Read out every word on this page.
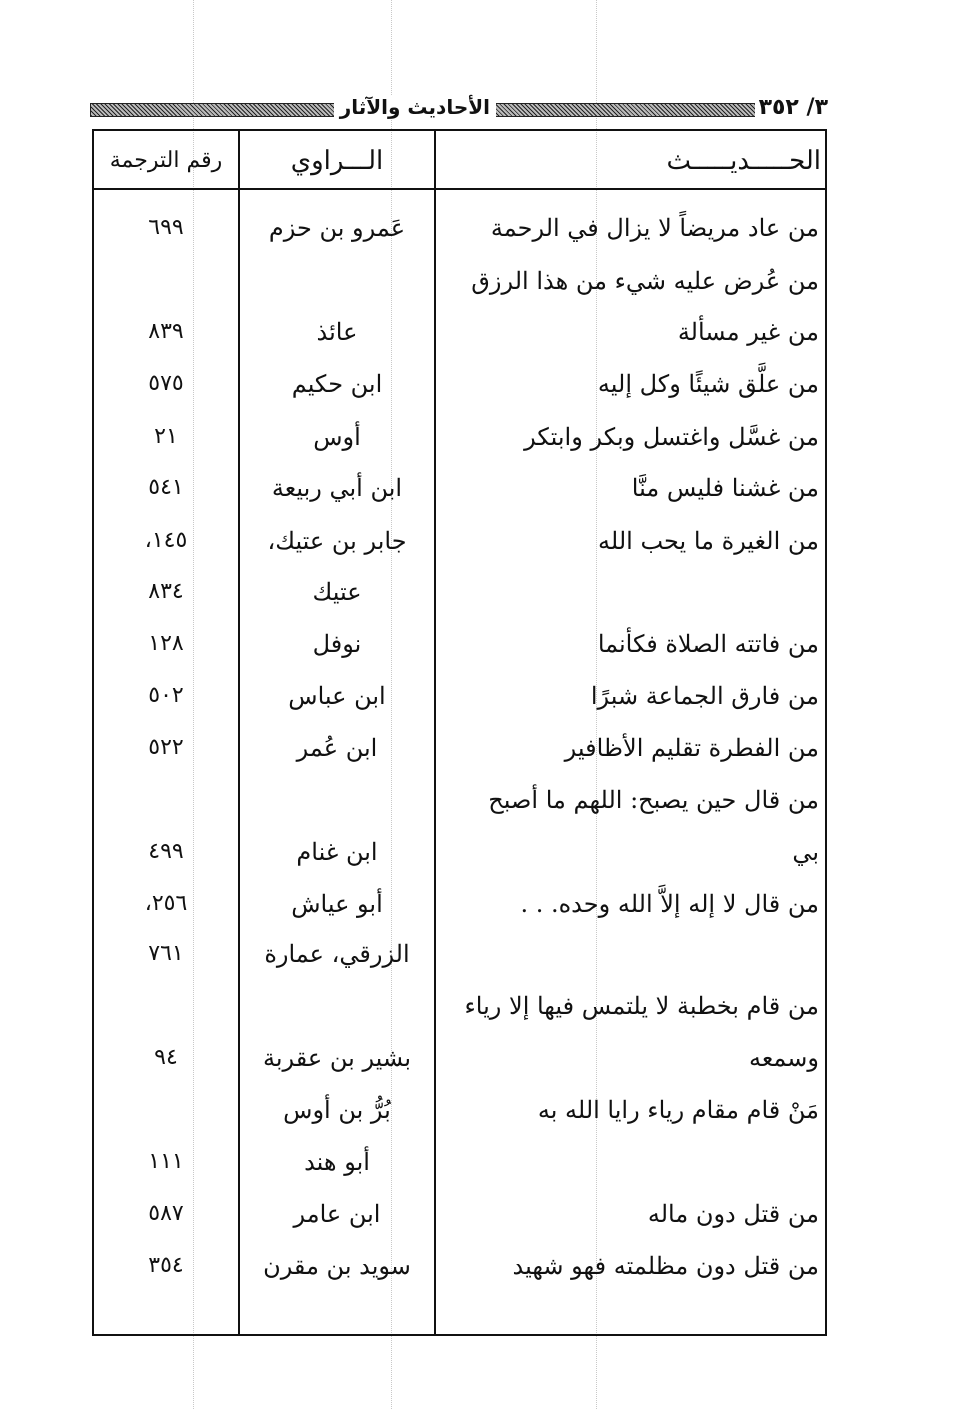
٣/ ٣٥٢
الأحاديث والآثار
الحـــــديـــــث
الـــراوي
رقم الترجمة
من عاد مريضاً لا يزال في الرحمة
من عُرض عليه شيء من هذا الرزق
من غير مسألة
من علَّق شيئًا وكل إليه
من غسَّل واغتسل وبكر وابتكر
من غشنا فليس منَّا
من الغيرة ما يحب الله
من فاتته الصلاة فكأنما
من فارق الجماعة شبرًا
من الفطرة تقليم الأظافير
من قال حين يصبح: اللهم ما أصبح
بي
من قال لا إله إلاَّ الله وحده. . .
من قام بخطبة لا يلتمس فيها إلا رياء
وسمعه
مَنْ قام مقام رياء رايا الله به
من قتل دون ماله
من قتل دون مظلمته فهو شهيد
عَمرو بن حزم
عائذ
ابن حكيم
أوس
ابن أبي ربيعة
جابر بن عتيك،
عتيك
نوفل
ابن عباس
ابن عُمر
ابن غنام
أبو عياش
الزرقي، عمارة
بشير بن عقربة
بُرُّ بن أوس
أبو هند
ابن عامر
سويد بن مقرن
٦٩٩
٨٣٩
٥٧٥
٢١
٥٤١
١٤٥،
٨٣٤
١٢٨
٥٠٢
٥٢٢
٤٩٩
٢٥٦،
٧٦١
٩٤
١١١
٥٨٧
٣٥٤
